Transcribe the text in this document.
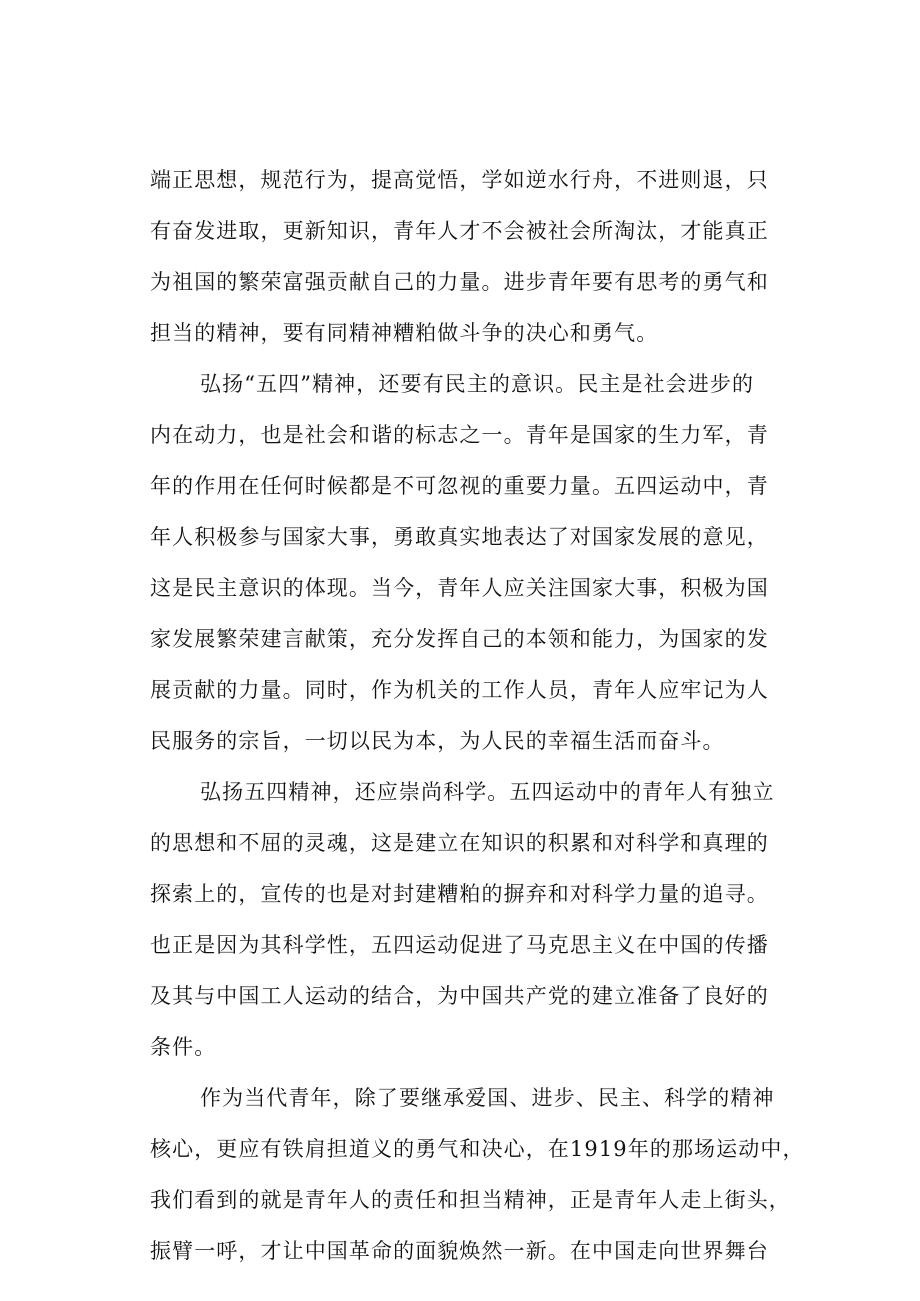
端正思想，规范行为，提高觉悟，学如逆水行舟，不进则退，只
有奋发进取，更新知识，青年人才不会被社会所淘汰，才能真正
为祖国的繁荣富强贡献自己的力量。进步青年要有思考的勇气和
担当的精神，要有同精神糟粕做斗争的决心和勇气。
弘扬“五四”精神，还要有民主的意识。民主是社会进步的
内在动力，也是社会和谐的标志之一。青年是国家的生力军，青
年的作用在任何时候都是不可忽视的重要力量。五四运动中，青
年人积极参与国家大事，勇敢真实地表达了对国家发展的意见，
这是民主意识的体现。当今，青年人应关注国家大事，积极为国
家发展繁荣建言献策，充分发挥自己的本领和能力，为国家的发
展贡献的力量。同时，作为机关的工作人员，青年人应牢记为人
民服务的宗旨，一切以民为本，为人民的幸福生活而奋斗。
弘扬五四精神，还应崇尚科学。五四运动中的青年人有独立
的思想和不屈的灵魂，这是建立在知识的积累和对科学和真理的
探索上的，宣传的也是对封建糟粕的摒弃和对科学力量的追寻。
也正是因为其科学性，五四运动促进了马克思主义在中国的传播
及其与中国工人运动的结合，为中国共产党的建立准备了良好的
条件。
作为当代青年，除了要继承爱国、进步、民主、科学的精神
核心，更应有铁肩担道义的勇气和决心，在1919年的那场运动中，
我们看到的就是青年人的责任和担当精神，正是青年人走上街头，
振臂一呼，才让中国革命的面貌焕然一新。在中国走向世界舞台
